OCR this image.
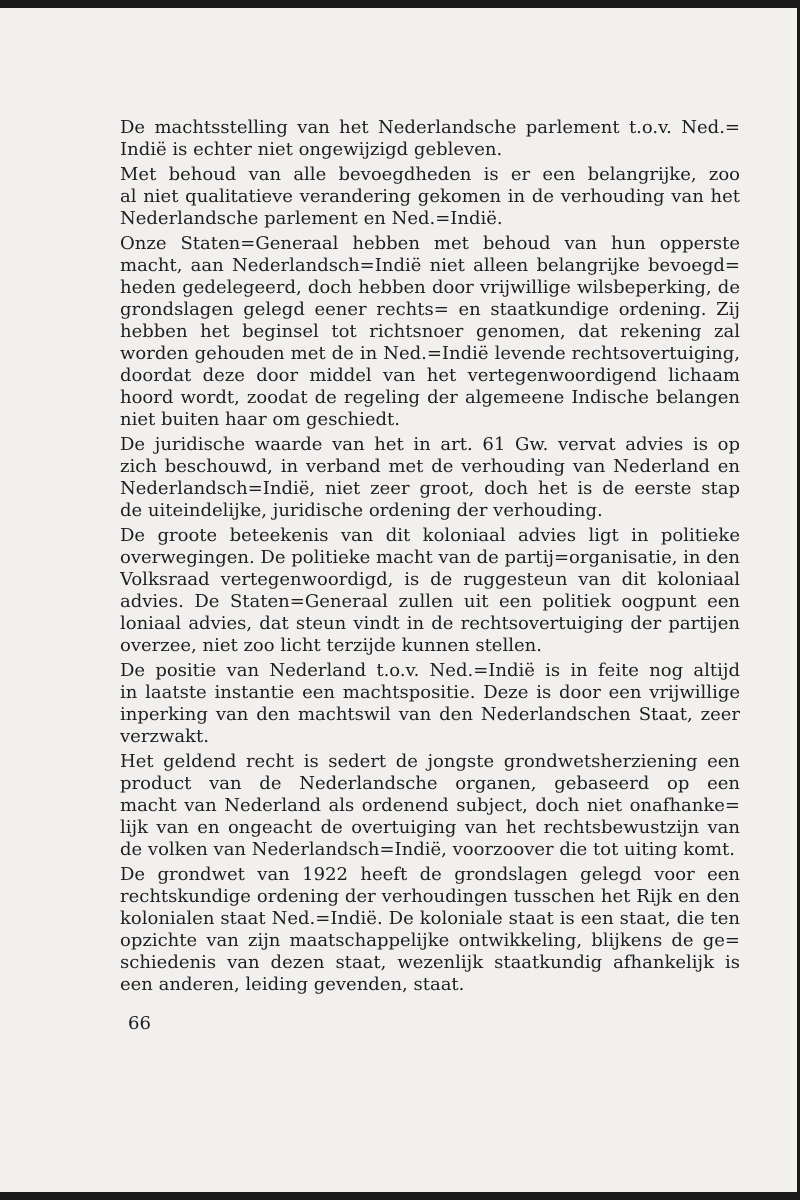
De machtsstelling van het Nederlandsche parlement t.o.v. Ned.=
Indië is echter niet ongewijzigd gebleven.

Met behoud van alle bevoegdheden is er een belangrijke, zoo
al niet qualitatieve verandering gekomen in de verhouding van het
Nederlandsche parlement en Ned.=Indië.

Onze Staten=Generaal hebben met behoud van hun opperste
macht, aan Nederlandsch=Indië niet alleen belangrijke bevoegd=
heden gedelegeerd, doch hebben door vrijwillige wilsbeperking, de
grondslagen gelegd eener rechts= en staatkundige ordening. Zij
hebben het beginsel tot richtsnoer genomen, dat rekening zal
worden gehouden met de in Ned.=Indië levende rechtsovertuiging,
doordat deze door middel van het vertegenwoordigend lichaam
hoord wordt, zoodat de regeling der algemeene Indische belangen
niet buiten haar om geschiedt.

De juridische waarde van het in art. 61 Gw. vervat advies is op
zich beschouwd, in verband met de verhouding van Nederland en
Nederlandsch=Indië, niet zeer groot, doch het is de eerste stap
de uiteindelijke, juridische ordening der verhouding.

De groote beteekenis van dit koloniaal advies ligt in politieke
overwegingen. De politieke macht van de partij=organisatie, in den
Volksraad vertegenwoordigd, is de ruggesteun van dit koloniaal
advies. De Staten=Generaal zullen uit een politiek oogpunt een
loniaal advies, dat steun vindt in de rechtsovertuiging der partijen
overzee, niet zoo licht terzijde kunnen stellen.

De positie van Nederland t.o.v. Ned.=Indië is in feite nog altijd
in laatste instantie een machtspositie. Deze is door een vrijwillige
inperking van den machtswil van den Nederlandschen Staat, zeer
verzwakt.

Het geldend recht is sedert de jongste grondwetsherziening een
product van de Nederlandsche organen, gebaseerd op een
macht van Nederland als ordenend subject, doch niet onafhanke=
lijk van en ongeacht de overtuiging van het rechtsbewustzijn van
de volken van Nederlandsch=Indië, voorzoover die tot uiting komt.

De grondwet van 1922 heeft de grondslagen gelegd voor een
rechtskundige ordening der verhoudingen tusschen het Rijk en den
kolonialen staat Ned.=Indië. De koloniale staat is een staat, die ten
opzichte van zijn maatschappelijke ontwikkeling, blijkens de ge=
schiedenis van dezen staat, wezenlijk staatkundig afhankelijk is
een anderen, leiding gevenden, staat.

66
